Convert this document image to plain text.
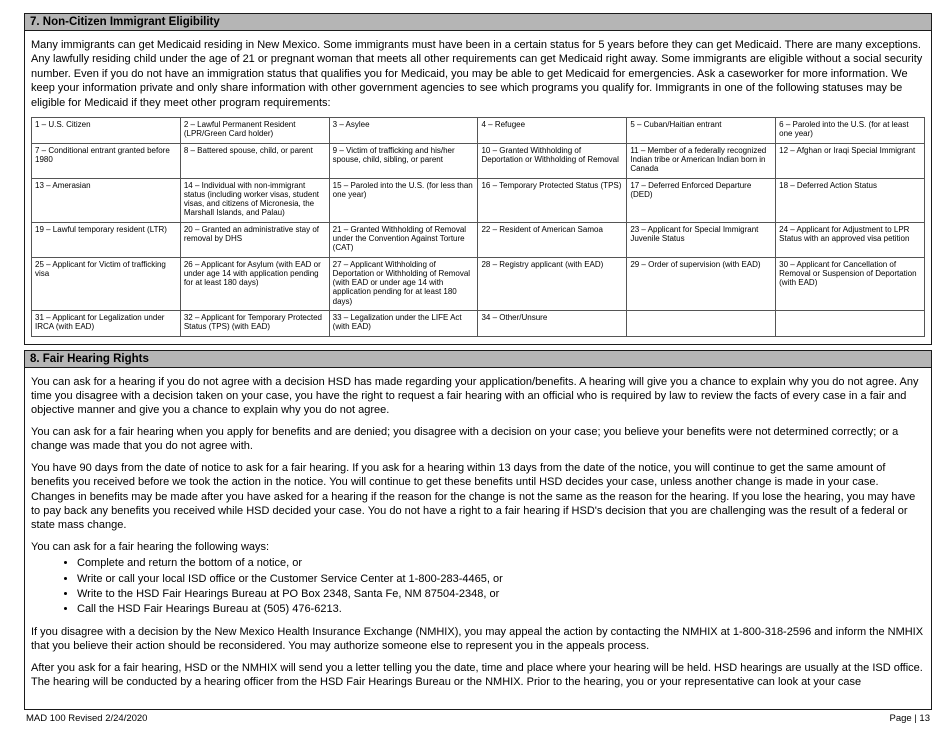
7. Non-Citizen Immigrant Eligibility

Many immigrants can get Medicaid residing in New Mexico. Some immigrants must have been in a certain status for 5 years before they can get Medicaid. There are many exceptions. Any lawfully residing child under the age of 21 or pregnant woman that meets all other requirements can get Medicaid right away. Some immigrants are eligible without a social security number. Even if you do not have an immigration status that qualifies you for Medicaid, you may be able to get Medicaid for emergencies. Ask a caseworker for more information. We keep your information private and only share information with other government agencies to see which programs you qualify for. Immigrants in one of the following statuses may be eligible for Medicaid if they meet other program requirements:

1 – U.S. Citizen	2 – Lawful Permanent Resident (LPR/Green Card holder)	3 – Asylee	4 – Refugee	5 – Cuban/Haitian entrant	6 – Paroled into the U.S. (for at least one year)
7 – Conditional entrant granted before 1980	8 – Battered spouse, child, or parent	9 – Victim of trafficking and his/her spouse, child, sibling, or parent	10 – Granted Withholding of Deportation or Withholding of Removal	11 – Member of a federally recognized Indian tribe or American Indian born in Canada	12 – Afghan or Iraqi Special Immigrant
13 – Amerasian	14 – Individual with non-immigrant status (including worker visas, student visas, and citizens of Micronesia, the Marshall Islands, and Palau)	15 – Paroled into the U.S. (for less than one year)	16 – Temporary Protected Status (TPS)	17 – Deferred Enforced Departure (DED)	18 – Deferred Action Status
19 – Lawful temporary resident (LTR)	20 – Granted an administrative stay of removal by DHS	21 – Granted Withholding of Removal under the Convention Against Torture (CAT)	22 – Resident of American Samoa	23 – Applicant for Special Immigrant Juvenile Status	24 – Applicant for Adjustment to LPR Status with an approved visa petition
25 – Applicant for Victim of trafficking visa	26 – Applicant for Asylum (with EAD or under age 14 with application pending for at least 180 days)	27 – Applicant Withholding of Deportation or Withholding of Removal (with EAD or under age 14 with application pending for at least 180 days)	28 – Registry applicant (with EAD)	29 – Order of supervision (with EAD)	30 – Applicant for Cancellation of Removal or Suspension of Deportation (with EAD)
31 – Applicant for Legalization under IRCA (with EAD)	32 – Applicant for Temporary Protected Status (TPS) (with EAD)	33 – Legalization under the LIFE Act (with EAD)	34 – Other/Unsure		
8. Fair Hearing Rights

You can ask for a hearing if you do not agree with a decision HSD has made regarding your application/benefits. A hearing will give you a chance to explain why you do not agree. Any time you disagree with a decision taken on your case, you have the right to request a fair hearing with an official who is required by law to review the facts of every case in a fair and objective manner and give you a chance to explain why you do not agree.

You can ask for a fair hearing when you apply for benefits and are denied; you disagree with a decision on your case; you believe your benefits were not determined correctly; or a change was made that you do not agree with.

You have 90 days from the date of notice to ask for a fair hearing. If you ask for a hearing within 13 days from the date of the notice, you will continue to get the same amount of benefits you received before we took the action in the notice. You will continue to get these benefits until HSD decides your case, unless another change is made in your case. Changes in benefits may be made after you have asked for a hearing if the reason for the change is not the same as the reason for the hearing. If you lose the hearing, you may have to pay back any benefits you received while HSD decided your case. You do not have a right to a fair hearing if HSD's decision that you are challenging was the result of a federal or state mass change.

You can ask for a fair hearing the following ways:

• Complete and return the bottom of a notice, or
• Write or call your local ISD office or the Customer Service Center at 1-800-283-4465, or
• Write to the HSD Fair Hearings Bureau at PO Box 2348, Santa Fe, NM 87504-2348, or
• Call the HSD Fair Hearings Bureau at (505) 476-6213.

If you disagree with a decision by the New Mexico Health Insurance Exchange (NMHIX), you may appeal the action by contacting the NMHIX at 1-800-318-2596 and inform the NMHIX that you believe their action should be reconsidered. You may authorize someone else to represent you in the appeals process.

After you ask for a fair hearing, HSD or the NMHIX will send you a letter telling you the date, time and place where your hearing will be held. HSD hearings are usually at the ISD office. The hearing will be conducted by a hearing officer from the HSD Fair Hearings Bureau or the NMHIX. Prior to the hearing, you or your representative can look at your case

MAD 100 Revised 2/24/2020	Page | 13
